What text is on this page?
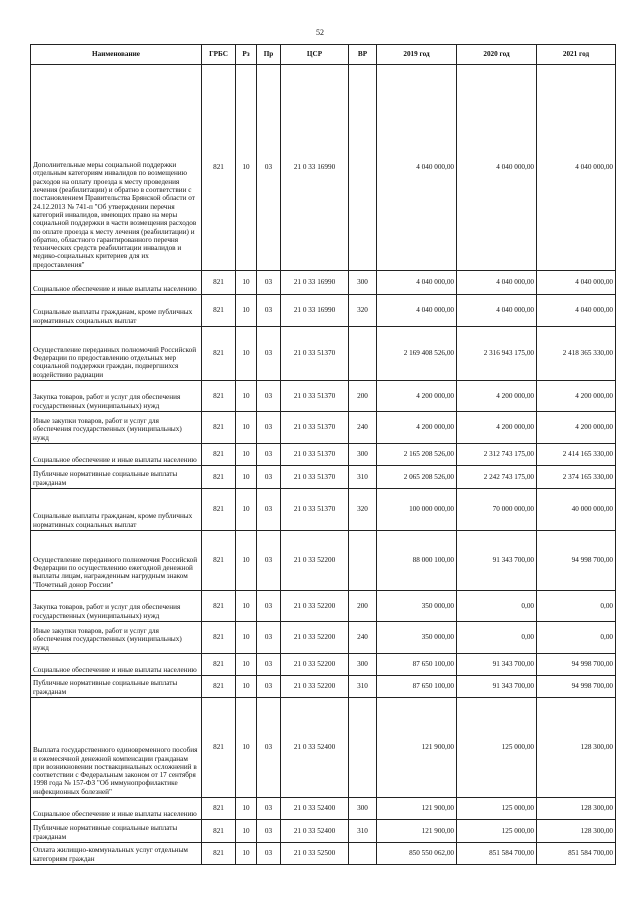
52
Наименование	ГРБС	Рз	Пр	ЦСР	ВР	2019 год	2020 год	2021 год
Дополнительные меры социальной поддержки отдельным категориям инвалидов по возмещению расходов на оплату проезда к месту проведения лечения (реабилитации) и обратно в соответствии с постановлением Правительства Брянской области от 24.12.2013 № 741-п "Об утверждении перечня категорий инвалидов, имеющих право на меры социальной поддержки в части возмещения расходов по оплате проезда к месту лечения (реабилитации) и обратно, областного гарантированного перечня технических средств реабилитации инвалидов и медико-социальных критериев для их предоставления"	821	10	03	21 0 33 16990		4 040 000,00	4 040 000,00	4 040 000,00
Социальное обеспечение и иные выплаты населению	821	10	03	21 0 33 16990	300	4 040 000,00	4 040 000,00	4 040 000,00
Социальные выплаты гражданам, кроме публичных нормативных социальных выплат	821	10	03	21 0 33 16990	320	4 040 000,00	4 040 000,00	4 040 000,00
Осуществление переданных полномочий Российской Федерации по предоставлению отдельных мер социальной поддержки граждан, подвергшихся воздействию радиации	821	10	03	21 0 33 51370		2 169 408 526,00	2 316 943 175,00	2 418 365 330,00
Закупка товаров, работ и услуг для обеспечения государственных (муниципальных) нужд	821	10	03	21 0 33 51370	200	4 200 000,00	4 200 000,00	4 200 000,00
Иные закупки товаров, работ и услуг для обеспечения государственных (муниципальных) нужд	821	10	03	21 0 33 51370	240	4 200 000,00	4 200 000,00	4 200 000,00
Социальное обеспечение и иные выплаты населению	821	10	03	21 0 33 51370	300	2 165 208 526,00	2 312 743 175,00	2 414 165 330,00
Публичные нормативные социальные выплаты гражданам	821	10	03	21 0 33 51370	310	2 065 208 526,00	2 242 743 175,00	2 374 165 330,00
Социальные выплаты гражданам, кроме публичных нормативных социальных выплат	821	10	03	21 0 33 51370	320	100 000 000,00	70 000 000,00	40 000 000,00
Осуществление переданного полномочия Российской Федерации по осуществлению ежегодной денежной выплаты лицам, награжденным нагрудным знаком "Почетный донор России"	821	10	03	21 0 33 52200		88 000 100,00	91 343 700,00	94 998 700,00
Закупка товаров, работ и услуг для обеспечения государственных (муниципальных) нужд	821	10	03	21 0 33 52200	200	350 000,00	0,00	0,00
Иные закупки товаров, работ и услуг для обеспечения государственных (муниципальных) нужд	821	10	03	21 0 33 52200	240	350 000,00	0,00	0,00
Социальное обеспечение и иные выплаты населению	821	10	03	21 0 33 52200	300	87 650 100,00	91 343 700,00	94 998 700,00
Публичные нормативные социальные выплаты гражданам	821	10	03	21 0 33 52200	310	87 650 100,00	91 343 700,00	94 998 700,00
Выплата государственного единовременного пособия и ежемесячной денежной компенсации гражданам при возникновении поствакцинальных осложнений в соответствии с Федеральным законом от 17 сентября 1998 года № 157-ФЗ "Об иммунопрофилактике инфекционных болезней"	821	10	03	21 0 33 52400		121 900,00	125 000,00	128 300,00
Социальное обеспечение и иные выплаты населению	821	10	03	21 0 33 52400	300	121 900,00	125 000,00	128 300,00
Публичные нормативные социальные выплаты гражданам	821	10	03	21 0 33 52400	310	121 900,00	125 000,00	128 300,00
Оплата жилищно-коммунальных услуг отдельным категориям граждан	821	10	03	21 0 33 52500		850 550 062,00	851 584 700,00	851 584 700,00
